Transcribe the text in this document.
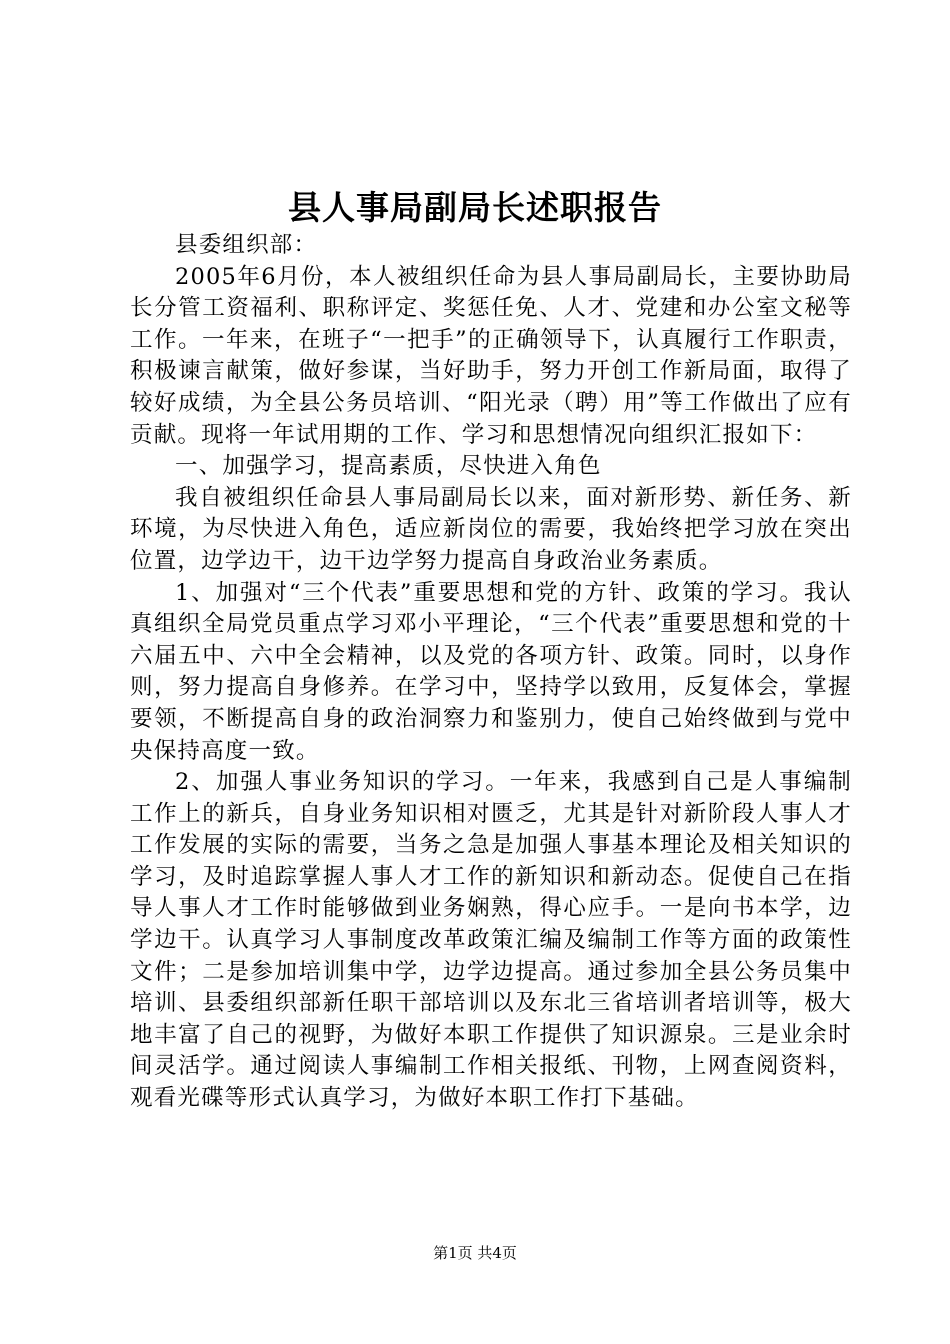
县人事局副局长述职报告

县委组织部：

2005年6月份，本人被组织任命为县人事局副局长，主要协助局长分管工资福利、职称评定、奖惩任免、人才、党建和办公室文秘等工作。一年来，在班子“一把手”的正确领导下，认真履行工作职责，积极谏言献策，做好参谋，当好助手，努力开创工作新局面，取得了较好成绩，为全县公务员培训、“阳光录（聘）用”等工作做出了应有贡献。现将一年试用期的工作、学习和思想情况向组织汇报如下：

一、加强学习，提高素质，尽快进入角色

我自被组织任命县人事局副局长以来，面对新形势、新任务、新环境，为尽快进入角色，适应新岗位的需要，我始终把学习放在突出位置，边学边干，边干边学努力提高自身政治业务素质。

1、加强对“三个代表”重要思想和党的方针、政策的学习。我认真组织全局党员重点学习邓小平理论，“三个代表”重要思想和党的十六届五中、六中全会精神，以及党的各项方针、政策。同时，以身作则，努力提高自身修养。在学习中，坚持学以致用，反复体会，掌握要领，不断提高自身的政治洞察力和鉴别力，使自己始终做到与党中央保持高度一致。

2、加强人事业务知识的学习。一年来，我感到自己是人事编制工作上的新兵，自身业务知识相对匮乏，尤其是针对新阶段人事人才工作发展的实际的需要，当务之急是加强人事基本理论及相关知识的学习，及时追踪掌握人事人才工作的新知识和新动态。促使自己在指导人事人才工作时能够做到业务娴熟，得心应手。一是向书本学，边学边干。认真学习人事制度改革政策汇编及编制工作等方面的政策性文件；二是参加培训集中学，边学边提高。通过参加全县公务员集中培训、县委组织部新任职干部培训以及东北三省培训者培训等，极大地丰富了自己的视野，为做好本职工作提供了知识源泉。三是业余时间灵活学。通过阅读人事编制工作相关报纸、刊物，上网查阅资料，观看光碟等形式认真学习，为做好本职工作打下基础。

第1页 共4页
